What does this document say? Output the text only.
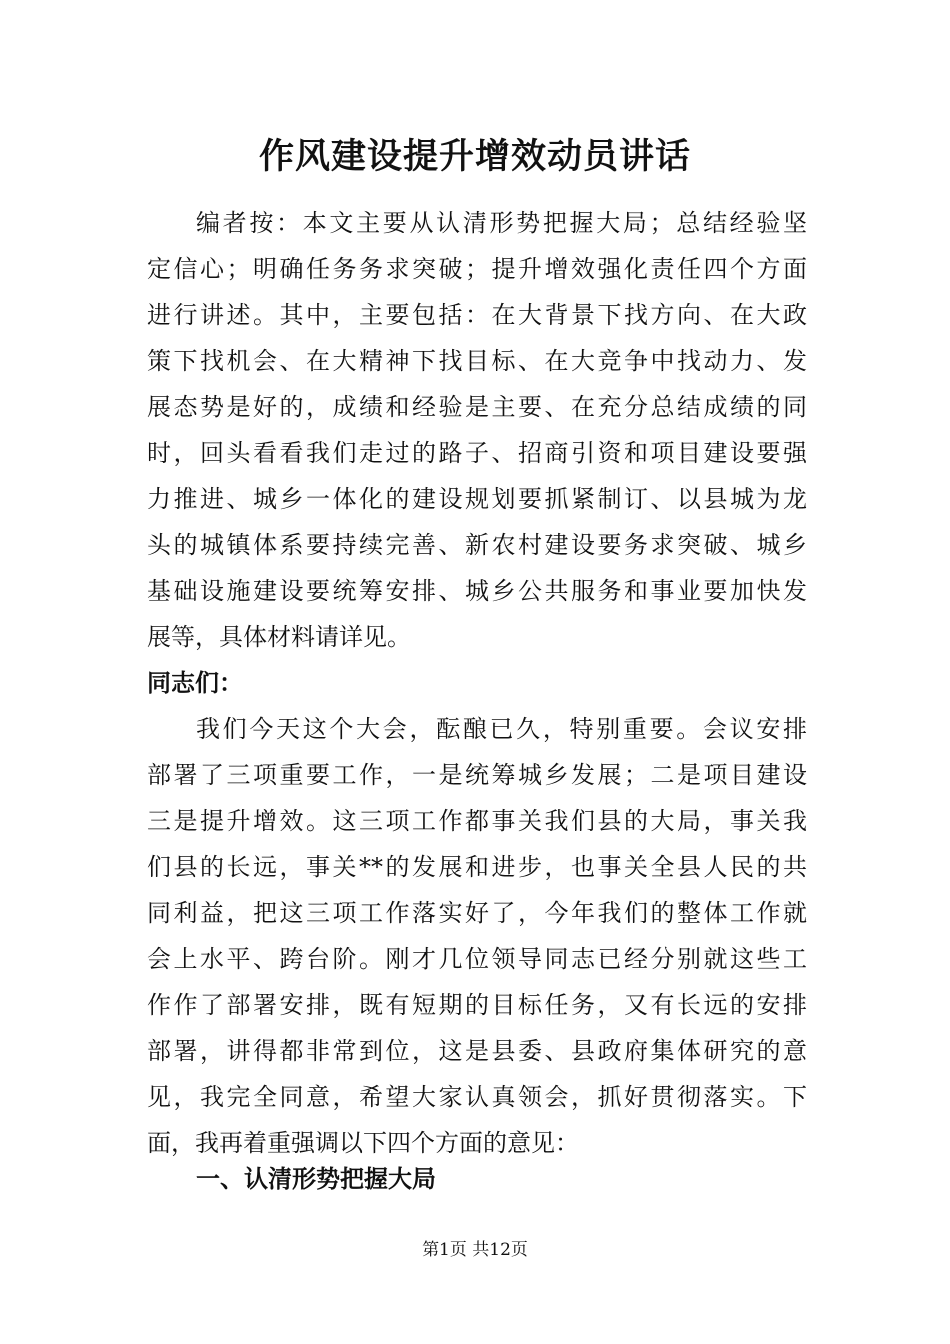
作风建设提升增效动员讲话
编者按：本文主要从认清形势把握大局；总结经验坚
定信心；明确任务务求突破；提升增效强化责任四个方面
进行讲述。其中，主要包括：在大背景下找方向、在大政
策下找机会、在大精神下找目标、在大竞争中找动力、发
展态势是好的，成绩和经验是主要、在充分总结成绩的同
时，回头看看我们走过的路子、招商引资和项目建设要强
力推进、城乡一体化的建设规划要抓紧制订、以县城为龙
头的城镇体系要持续完善、新农村建设要务求突破、城乡
基础设施建设要统筹安排、城乡公共服务和事业要加快发
展等，具体材料请详见。
同志们：
我们今天这个大会，酝酿已久，特别重要。会议安排
部署了三项重要工作，一是统筹城乡发展；二是项目建设
三是提升增效。这三项工作都事关我们县的大局，事关我
们县的长远，事关**的发展和进步，也事关全县人民的共
同利益，把这三项工作落实好了，今年我们的整体工作就
会上水平、跨台阶。刚才几位领导同志已经分别就这些工
作作了部署安排，既有短期的目标任务，又有长远的安排
部署，讲得都非常到位，这是县委、县政府集体研究的意
见，我完全同意，希望大家认真领会，抓好贯彻落实。下
面，我再着重强调以下四个方面的意见：
一、认清形势把握大局
第1页 共12页
